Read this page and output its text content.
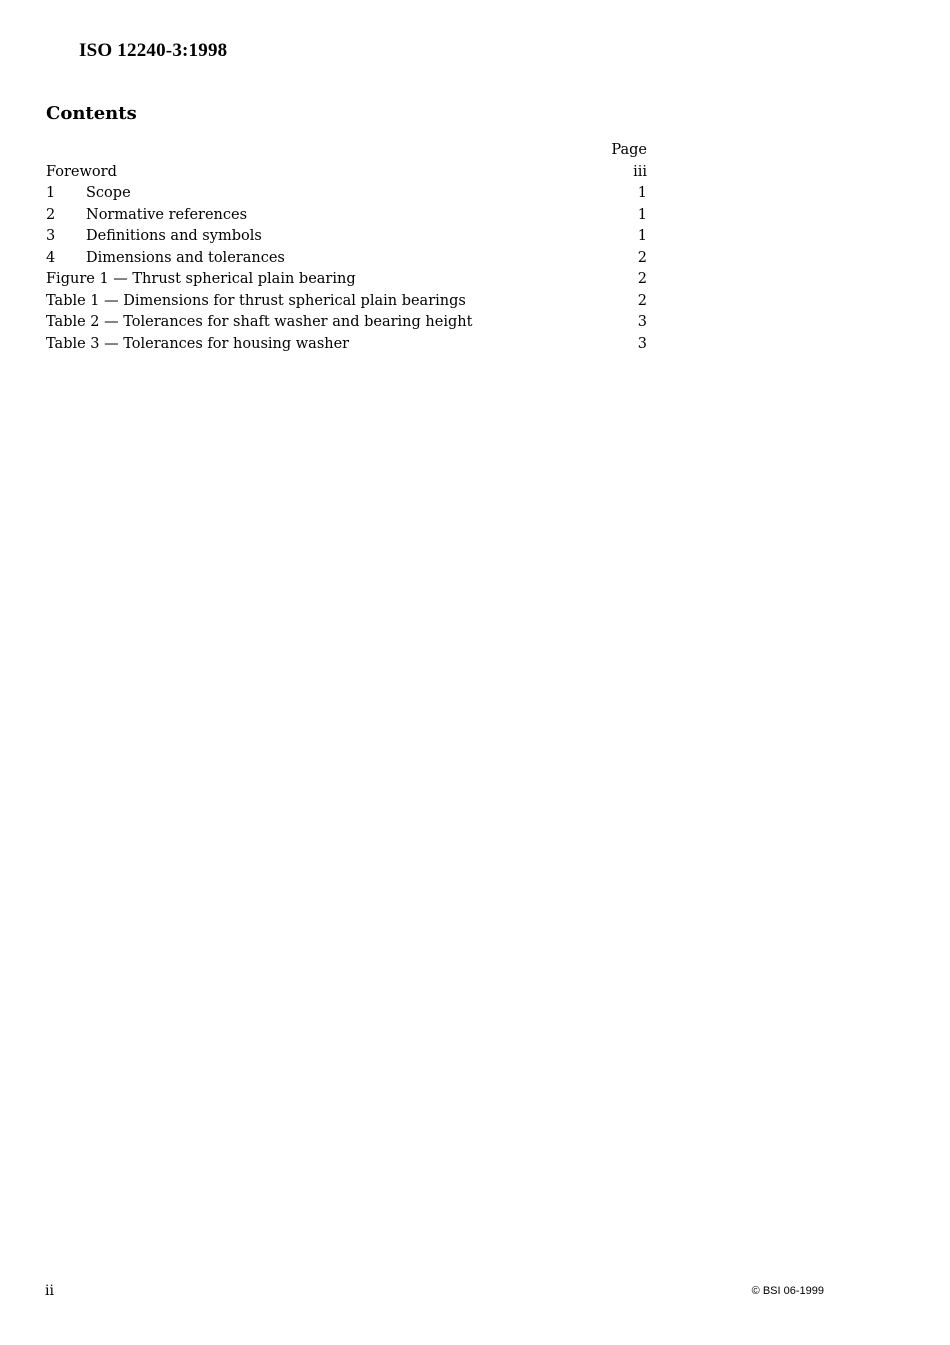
ISO 12240-3:1998
Contents
Page
Foreword	iii
1	Scope	1
2	Normative references	1
3	Definitions and symbols	1
4	Dimensions and tolerances	2
Figure 1 — Thrust spherical plain bearing	2
Table 1 — Dimensions for thrust spherical plain bearings	2
Table 2 — Tolerances for shaft washer and bearing height	3
Table 3 — Tolerances for housing washer	3
ii	© BSI 06-1999
